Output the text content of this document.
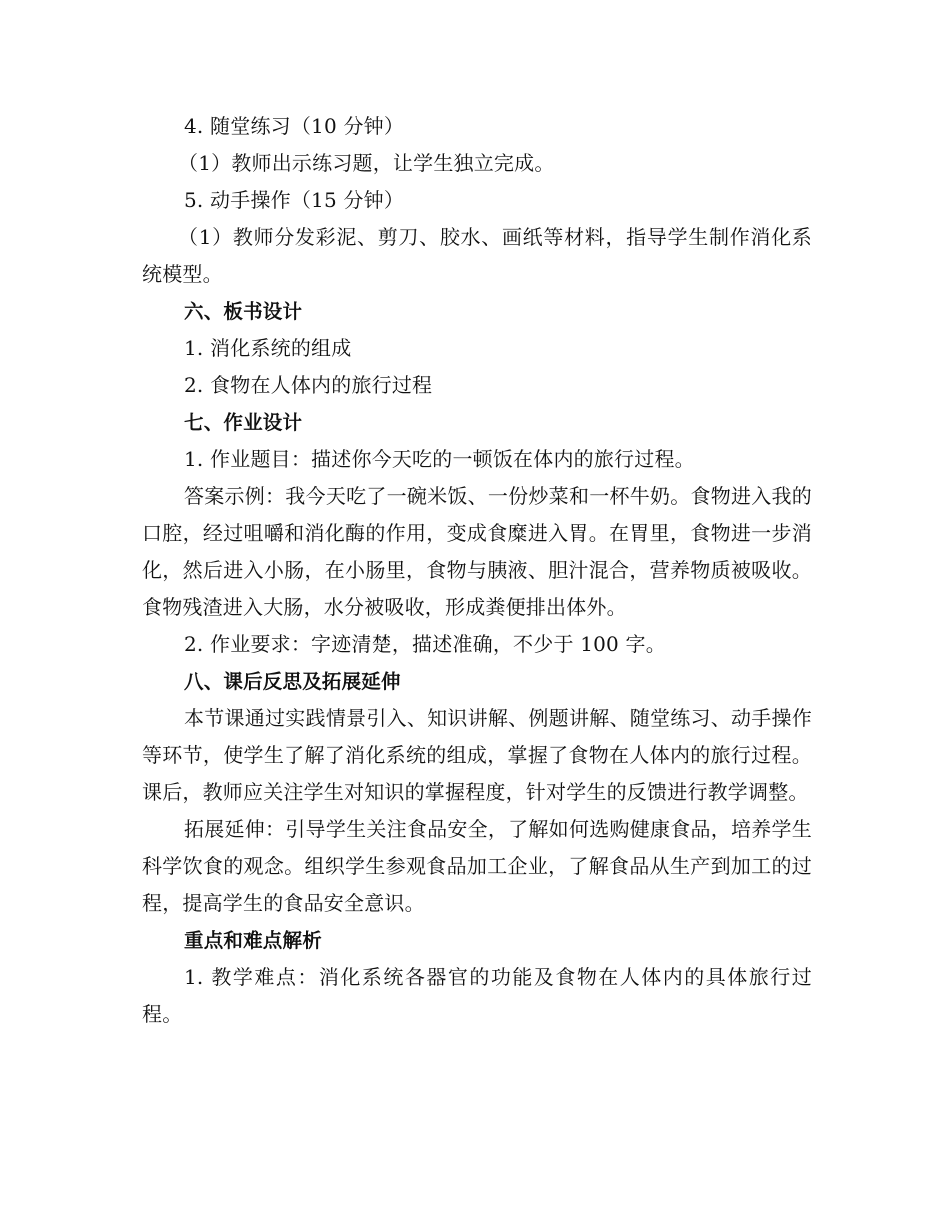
4. 随堂练习（10 分钟）

（1）教师出示练习题，让学生独立完成。

5. 动手操作（15 分钟）

（1）教师分发彩泥、剪刀、胶水、画纸等材料，指导学生制作消化系统模型。

六、板书设计

1. 消化系统的组成

2. 食物在人体内的旅行过程

七、作业设计

1. 作业题目：描述你今天吃的一顿饭在体内的旅行过程。

答案示例：我今天吃了一碗米饭、一份炒菜和一杯牛奶。食物进入我的口腔，经过咀嚼和消化酶的作用，变成食糜进入胃。在胃里，食物进一步消化，然后进入小肠，在小肠里，食物与胰液、胆汁混合，营养物质被吸收。食物残渣进入大肠，水分被吸收，形成粪便排出体外。

2. 作业要求：字迹清楚，描述准确，不少于 100 字。

八、课后反思及拓展延伸

本节课通过实践情景引入、知识讲解、例题讲解、随堂练习、动手操作等环节，使学生了解了消化系统的组成，掌握了食物在人体内的旅行过程。课后，教师应关注学生对知识的掌握程度，针对学生的反馈进行教学调整。

拓展延伸：引导学生关注食品安全，了解如何选购健康食品，培养学生科学饮食的观念。组织学生参观食品加工企业，了解食品从生产到加工的过程，提高学生的食品安全意识。

重点和难点解析

1. 教学难点：消化系统各器官的功能及食物在人体内的具体旅行过程。
